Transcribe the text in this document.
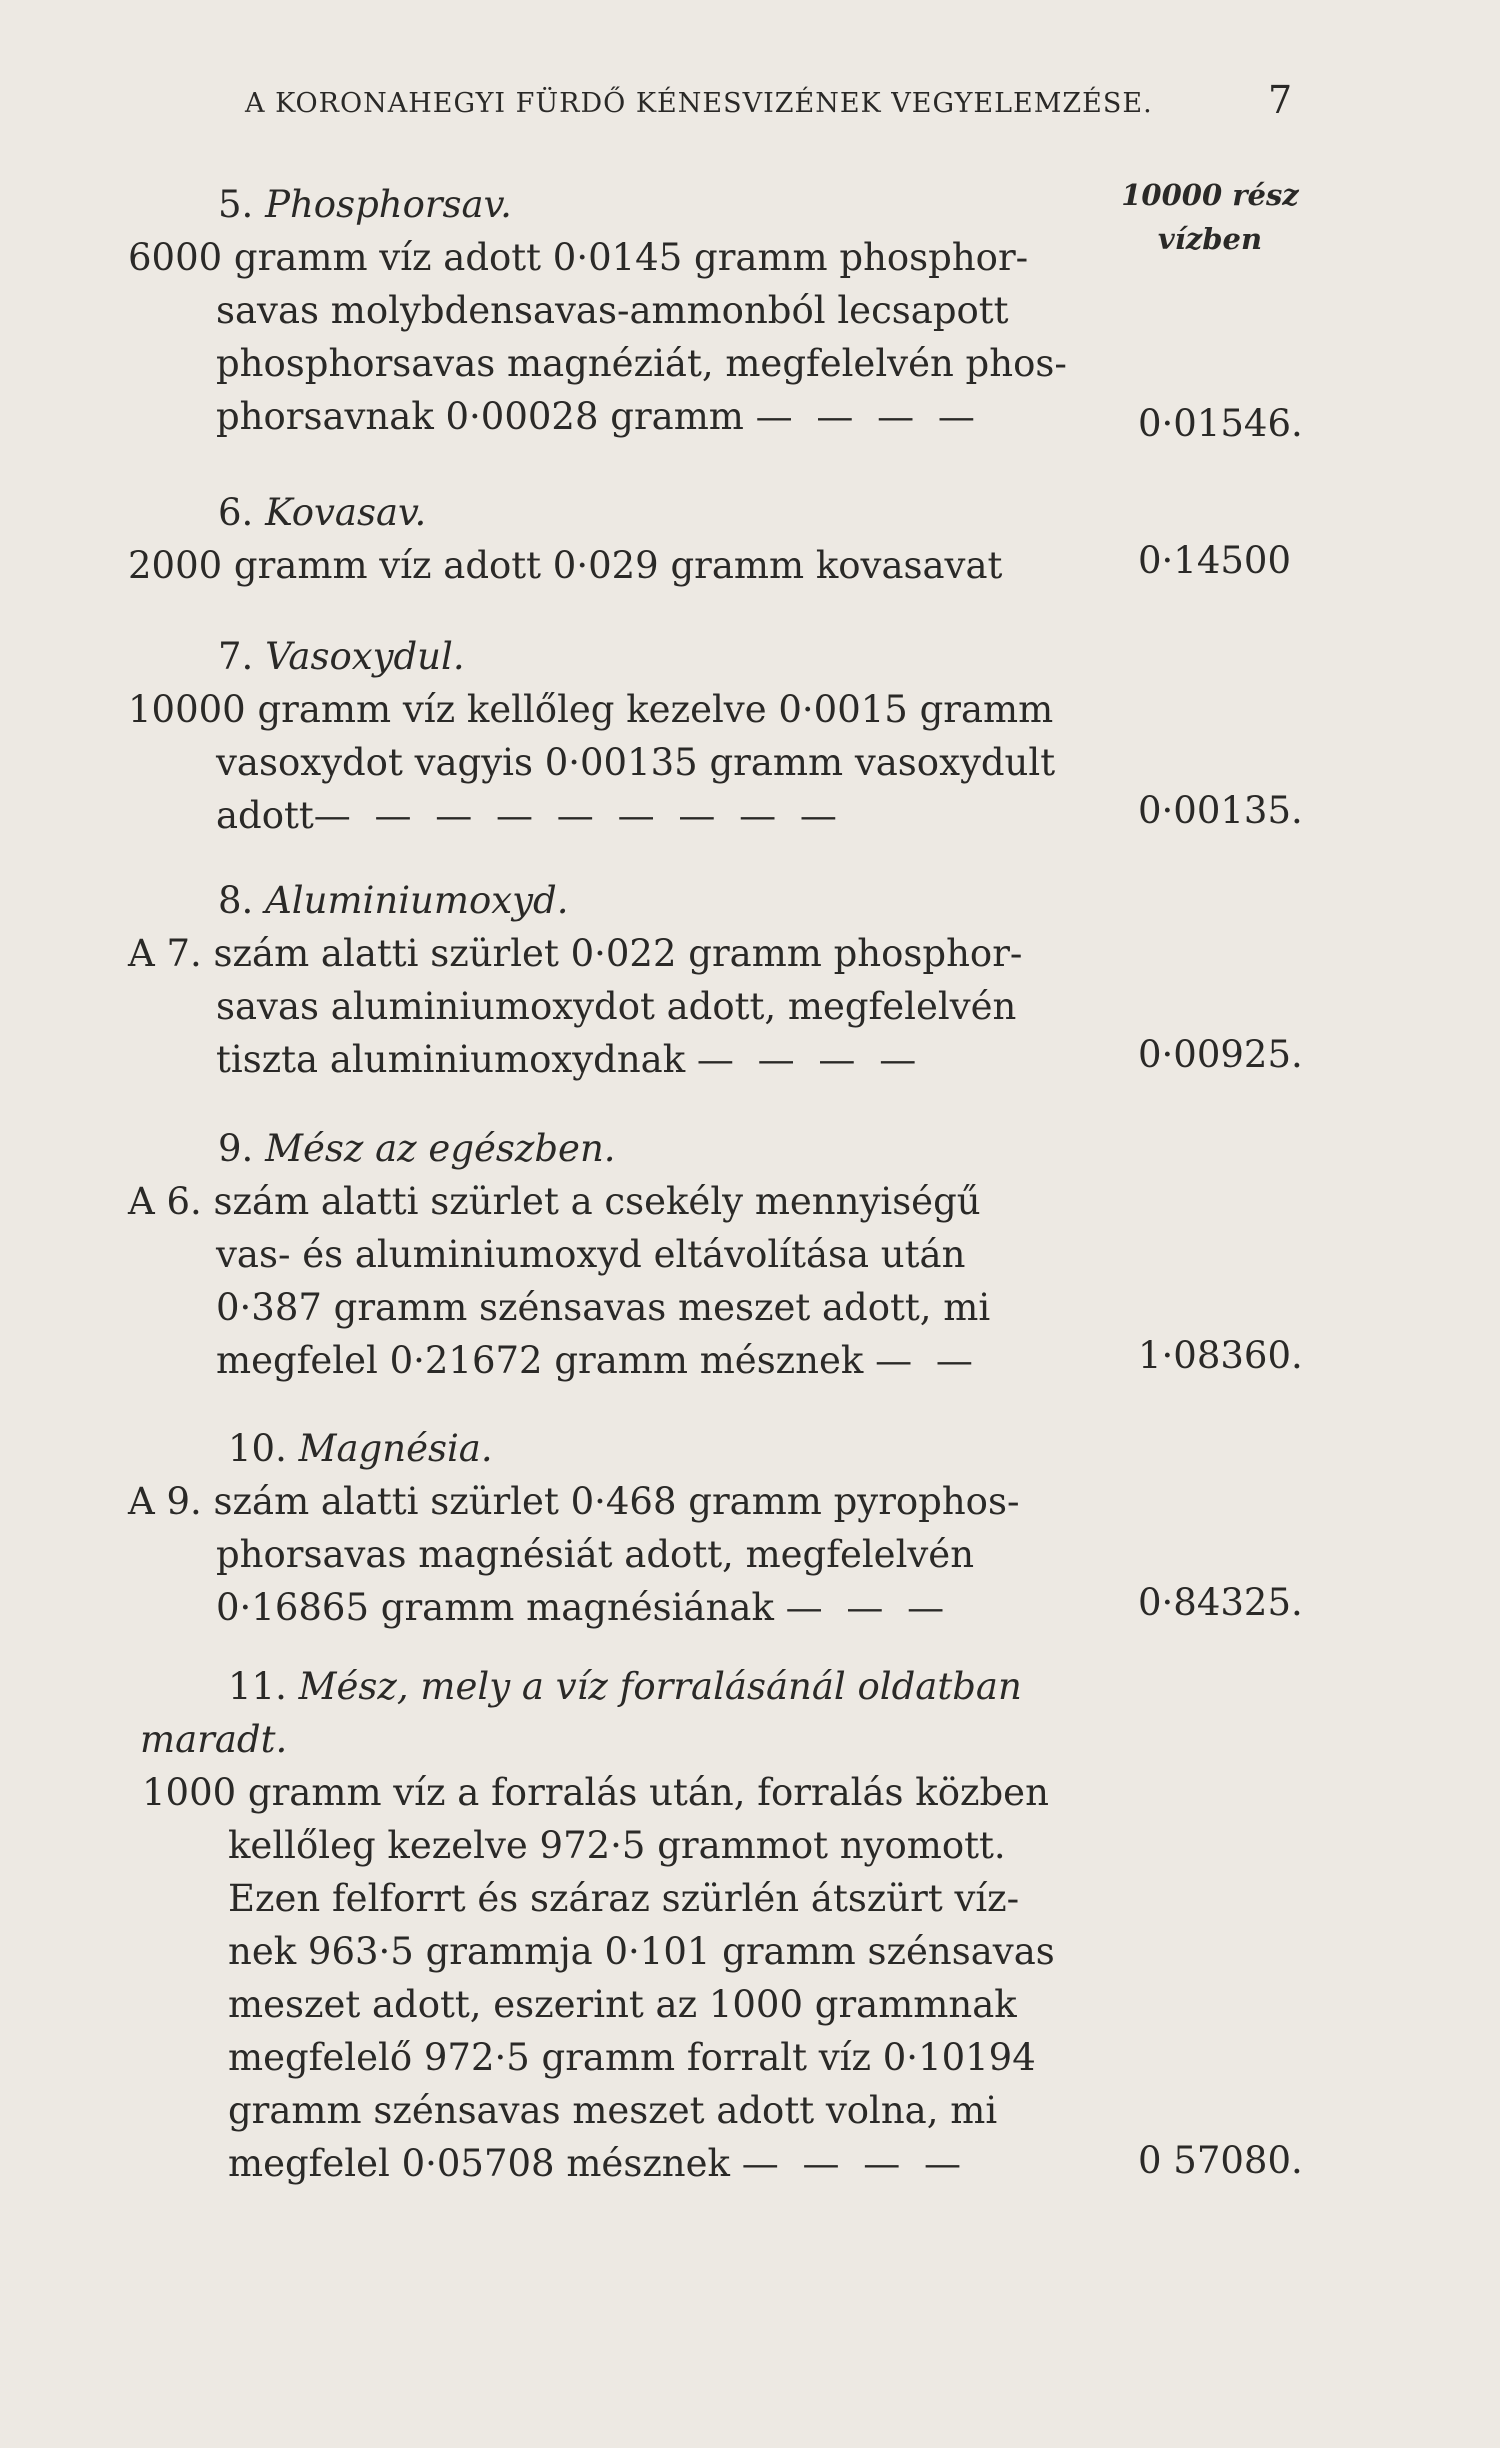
A KORONAHEGYI FÜRDŐ KÉNESVIZÉNEK VEGYELEMZÉSE.	7
10000 rész
vízben

5. Phosphorsav.

6000 gramm víz adott 0·0145 gramm phosphor-

savas molybdensavas-ammonból lecsapott

phosphorsavas magnéziát, megfelelvén phos-

phorsavnak 0·00028 gramm — — — —	0·01546.

6. Kovasav.

2000 gramm víz adott 0·029 gramm kovasavat	0·14500

7. Vasoxydul.

10000 gramm víz kellőleg kezelve 0·0015 gramm

vasoxydot vagyis 0·00135 gramm vasoxydult

adott— — — — — — — — —	0·00135.

8. Aluminiumoxyd.

A 7. szám alatti szürlet 0·022 gramm phosphor-

savas aluminiumoxydot adott, megfelelvén

tiszta aluminiumoxydnak — — — —	0·00925.

9. Mész az egészben.

A 6. szám alatti szürlet a csekély mennyiségű

vas- és aluminiumoxyd eltávolítása után

0·387 gramm szénsavas meszet adott, mi

megfelel 0·21672 gramm mésznek — —	1·08360.

10. Magnésia.

A 9. szám alatti szürlet 0·468 gramm pyrophos-

phorsavas magnésiát adott, megfelelvén

0·16865 gramm magnésiának — — —	0·84325.

11. Mész, mely a víz forralásánál oldatban

maradt.

1000 gramm víz a forralás után, forralás közben

kellőleg kezelve 972·5 grammot nyomott.

Ezen felforrt és száraz szürlén átszürt víz-

nek 963·5 grammja 0·101 gramm szénsavas

meszet adott, eszerint az 1000 grammnak

megfelelő 972·5 gramm forralt víz 0·10194

gramm szénsavas meszet adott volna, mi

megfelel 0·05708 mésznek — — — —	0 57080.
